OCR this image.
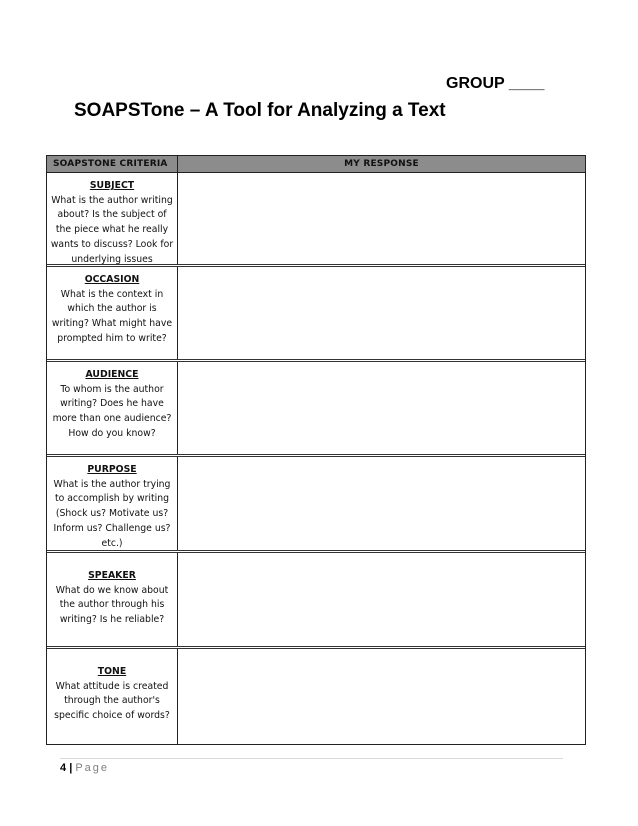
GROUP ____
SOAPSTone – A Tool for Analyzing a Text
SOAPSTONE CRITERIA	MY RESPONSE
SUBJECT
What is the author writing
about? Is the subject of
the piece what he really
wants to discuss? Look for
underlying issues
OCCASION
What is the context in
which the author is
writing? What might have
prompted him to write?
AUDIENCE
To whom is the author
writing? Does he have
more than one audience?
How do you know?
PURPOSE
What is the author trying
to accomplish by writing
(Shock us? Motivate us?
Inform us? Challenge us?
etc.)
SPEAKER
What do we know about
the author through his
writing? Is he reliable?
TONE
What attitude is created
through the author's
specific choice of words?
4 | Page
